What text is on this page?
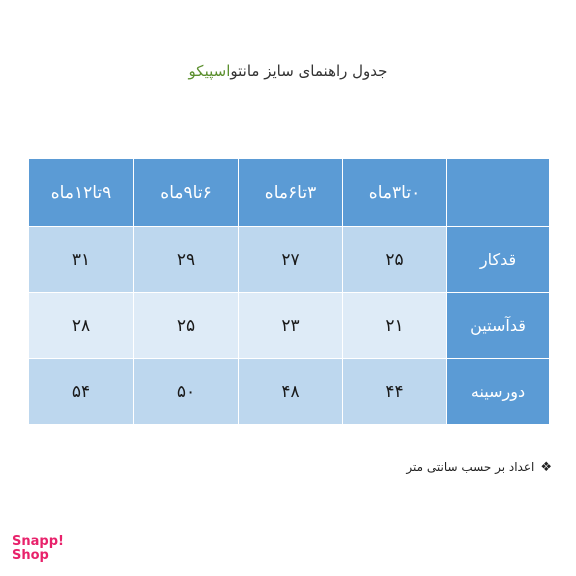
جدول راهنمای سایز مانتواسپیکو
	۰تا۳ماه	۳تا۶ماه	۶تا۹ماه	۹تا۱۲ماه
قدکار	۲۵	۲۷	۲۹	۳۱
قدآستین	۲۱	۲۳	۲۵	۲۸
دورسینه	۴۴	۴۸	۵۰	۵۴
❖اعداد بر حسب سانتی متر
Snapp!
Shop
